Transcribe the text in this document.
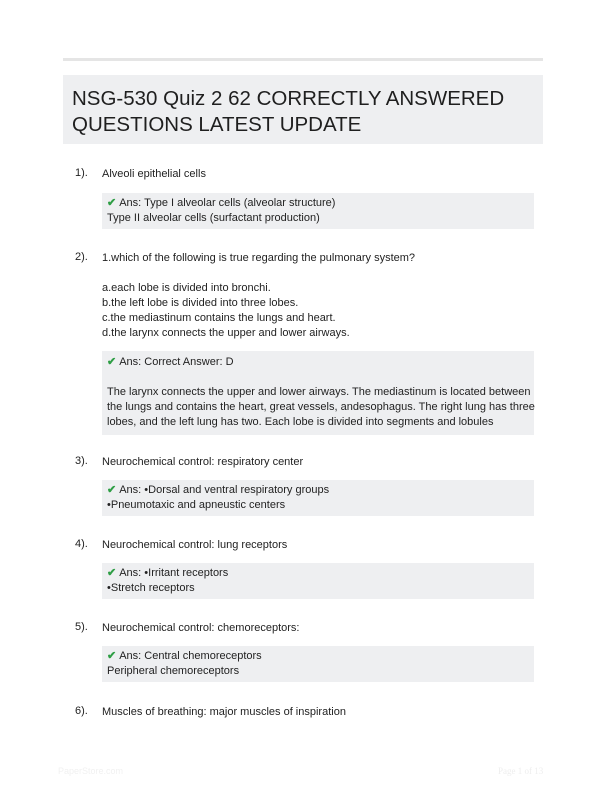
NSG-530 Quiz 2 62 CORRECTLY ANSWERED QUESTIONS LATEST UPDATE
1). Alveoli epithelial cells
✔ Ans: Type I alveolar cells (alveolar structure)
Type II alveolar cells (surfactant production)
2). 1.which of the following is true regarding the pulmonary system?

a.each lobe is divided into bronchi.
b.the left lobe is divided into three lobes.
c.the mediastinum contains the lungs and heart.
d.the larynx connects the upper and lower airways.
✔ Ans: Correct Answer: D

The larynx connects the upper and lower airways. The mediastinum is located between
the lungs and contains the heart, great vessels, andesophagus. The right lung has three
lobes, and the left lung has two. Each lobe is divided into segments and lobules
3). Neurochemical control: respiratory center
✔ Ans: •Dorsal and ventral respiratory groups
•Pneumotaxic and apneustic centers
4). Neurochemical control: lung receptors
✔ Ans: •Irritant receptors
•Stretch receptors
5). Neurochemical control: chemoreceptors:
✔ Ans: Central chemoreceptors
Peripheral chemoreceptors
6). Muscles of breathing: major muscles of inspiration
PaperStore.com	Page 1 of 13
